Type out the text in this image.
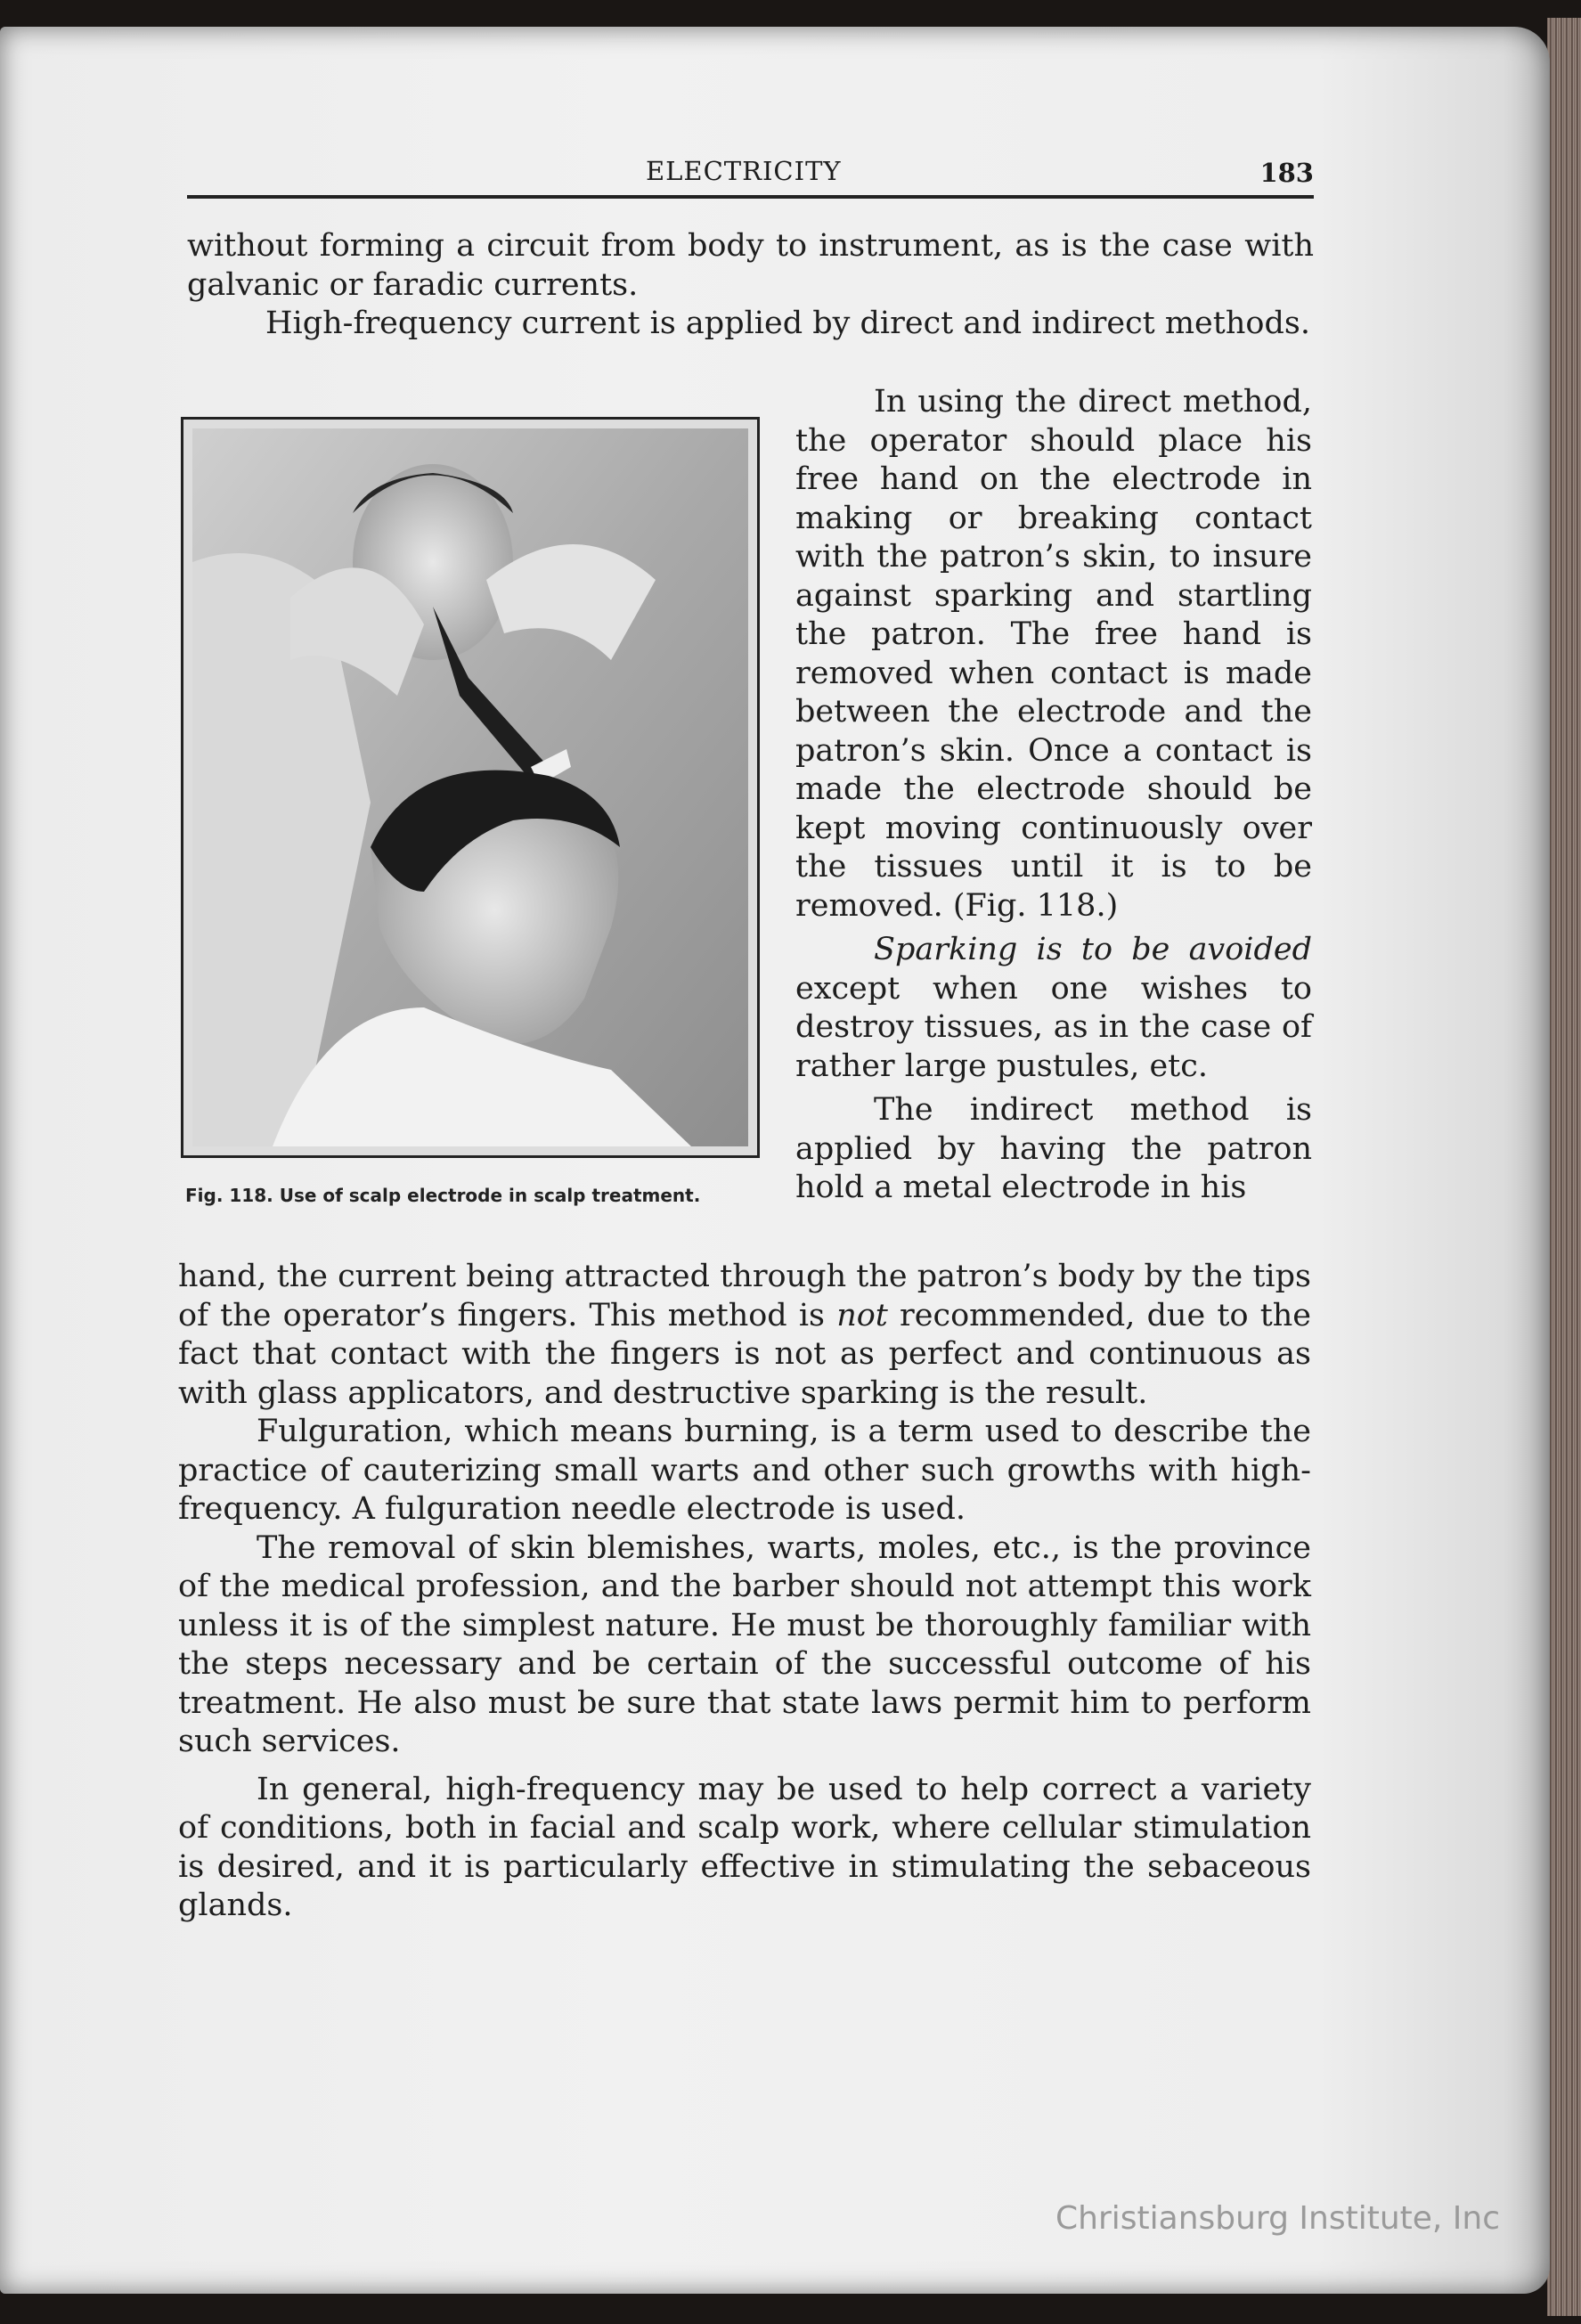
ELECTRICITY	183
without forming a circuit from body to instrument, as is the case with galvanic or faradic currents.
High-frequency current is applied by direct and indirect methods.
Fig. 118. Use of scalp electrode in scalp treatment.
In using the direct method, the operator should place his free hand on the electrode in making or breaking contact with the patron’s skin, to insure against sparking and startling the patron. The free hand is removed when contact is made between the electrode and the patron’s skin. Once a contact is made the electrode should be kept moving continuously over the tissues until it is to be removed. (Fig. 118.)
Sparking is to be avoided except when one wishes to destroy tissues, as in the case of rather large pustules, etc.
The indirect method is applied by having the patron hold a metal electrode in his
hand, the current being attracted through the patron’s body by the tips of the operator’s fingers. This method is not recommended, due to the fact that contact with the fingers is not as perfect and continuous as with glass applicators, and destructive sparking is the result.
Fulguration, which means burning, is a term used to describe the practice of cauterizing small warts and other such growths with high-frequency. A fulguration needle electrode is used.
The removal of skin blemishes, warts, moles, etc., is the province of the medical profession, and the barber should not attempt this work unless it is of the simplest nature. He must be thoroughly familiar with the steps necessary and be certain of the successful outcome of his treatment. He also must be sure that state laws permit him to perform such services.
In general, high-frequency may be used to help correct a variety of conditions, both in facial and scalp work, where cellular stimulation is desired, and it is particularly effective in stimulating the sebaceous glands.
Christiansburg Institute, Inc
